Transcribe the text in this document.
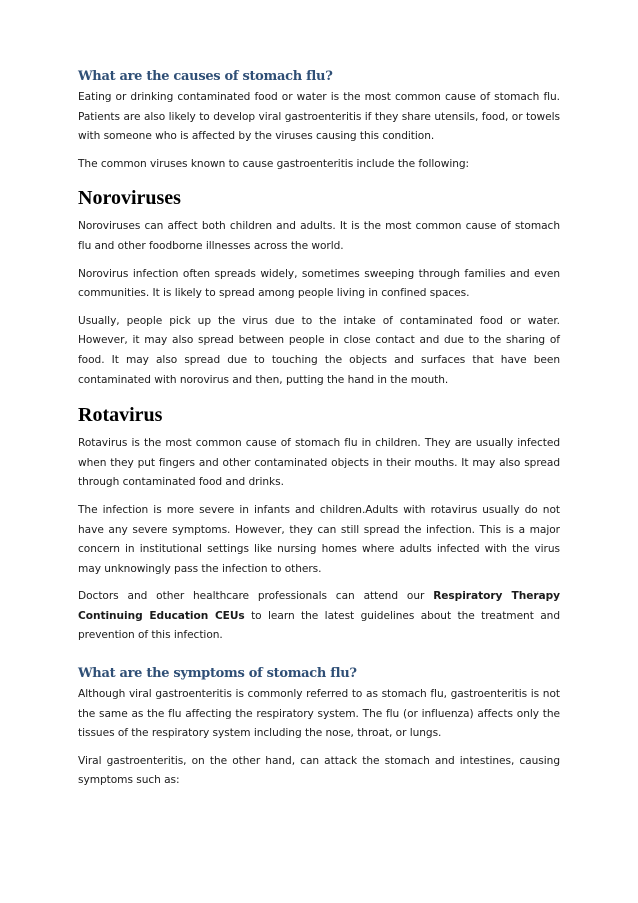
What are the causes of stomach flu?

Eating or drinking contaminated food or water is the most common cause of stomach flu. Patients are also likely to develop viral gastroenteritis if they share utensils, food, or towels with someone who is affected by the viruses causing this condition.

The common viruses known to cause gastroenteritis include the following:

Noroviruses

Noroviruses can affect both children and adults. It is the most common cause of stomach flu and other foodborne illnesses across the world.

Norovirus infection often spreads widely, sometimes sweeping through families and even communities. It is likely to spread among people living in confined spaces.

Usually, people pick up the virus due to the intake of contaminated food or water. However, it may also spread between people in close contact and due to the sharing of food. It may also spread due to touching the objects and surfaces that have been contaminated with norovirus and then, putting the hand in the mouth.

Rotavirus

Rotavirus is the most common cause of stomach flu in children. They are usually infected when they put fingers and other contaminated objects in their mouths. It may also spread through contaminated food and drinks.

The infection is more severe in infants and children.Adults with rotavirus usually do not have any severe symptoms. However, they can still spread the infection. This is a major concern in institutional settings like nursing homes where adults infected with the virus may unknowingly pass the infection to others.

Doctors and other healthcare professionals can attend our Respiratory Therapy Continuing Education CEUs to learn the latest guidelines about the treatment and prevention of this infection.

What are the symptoms of stomach flu?

Although viral gastroenteritis is commonly referred to as stomach flu, gastroenteritis is not the same as the flu affecting the respiratory system. The flu (or influenza) affects only the tissues of the respiratory system including the nose, throat, or lungs.

Viral gastroenteritis, on the other hand, can attack the stomach and intestines, causing symptoms such as:
